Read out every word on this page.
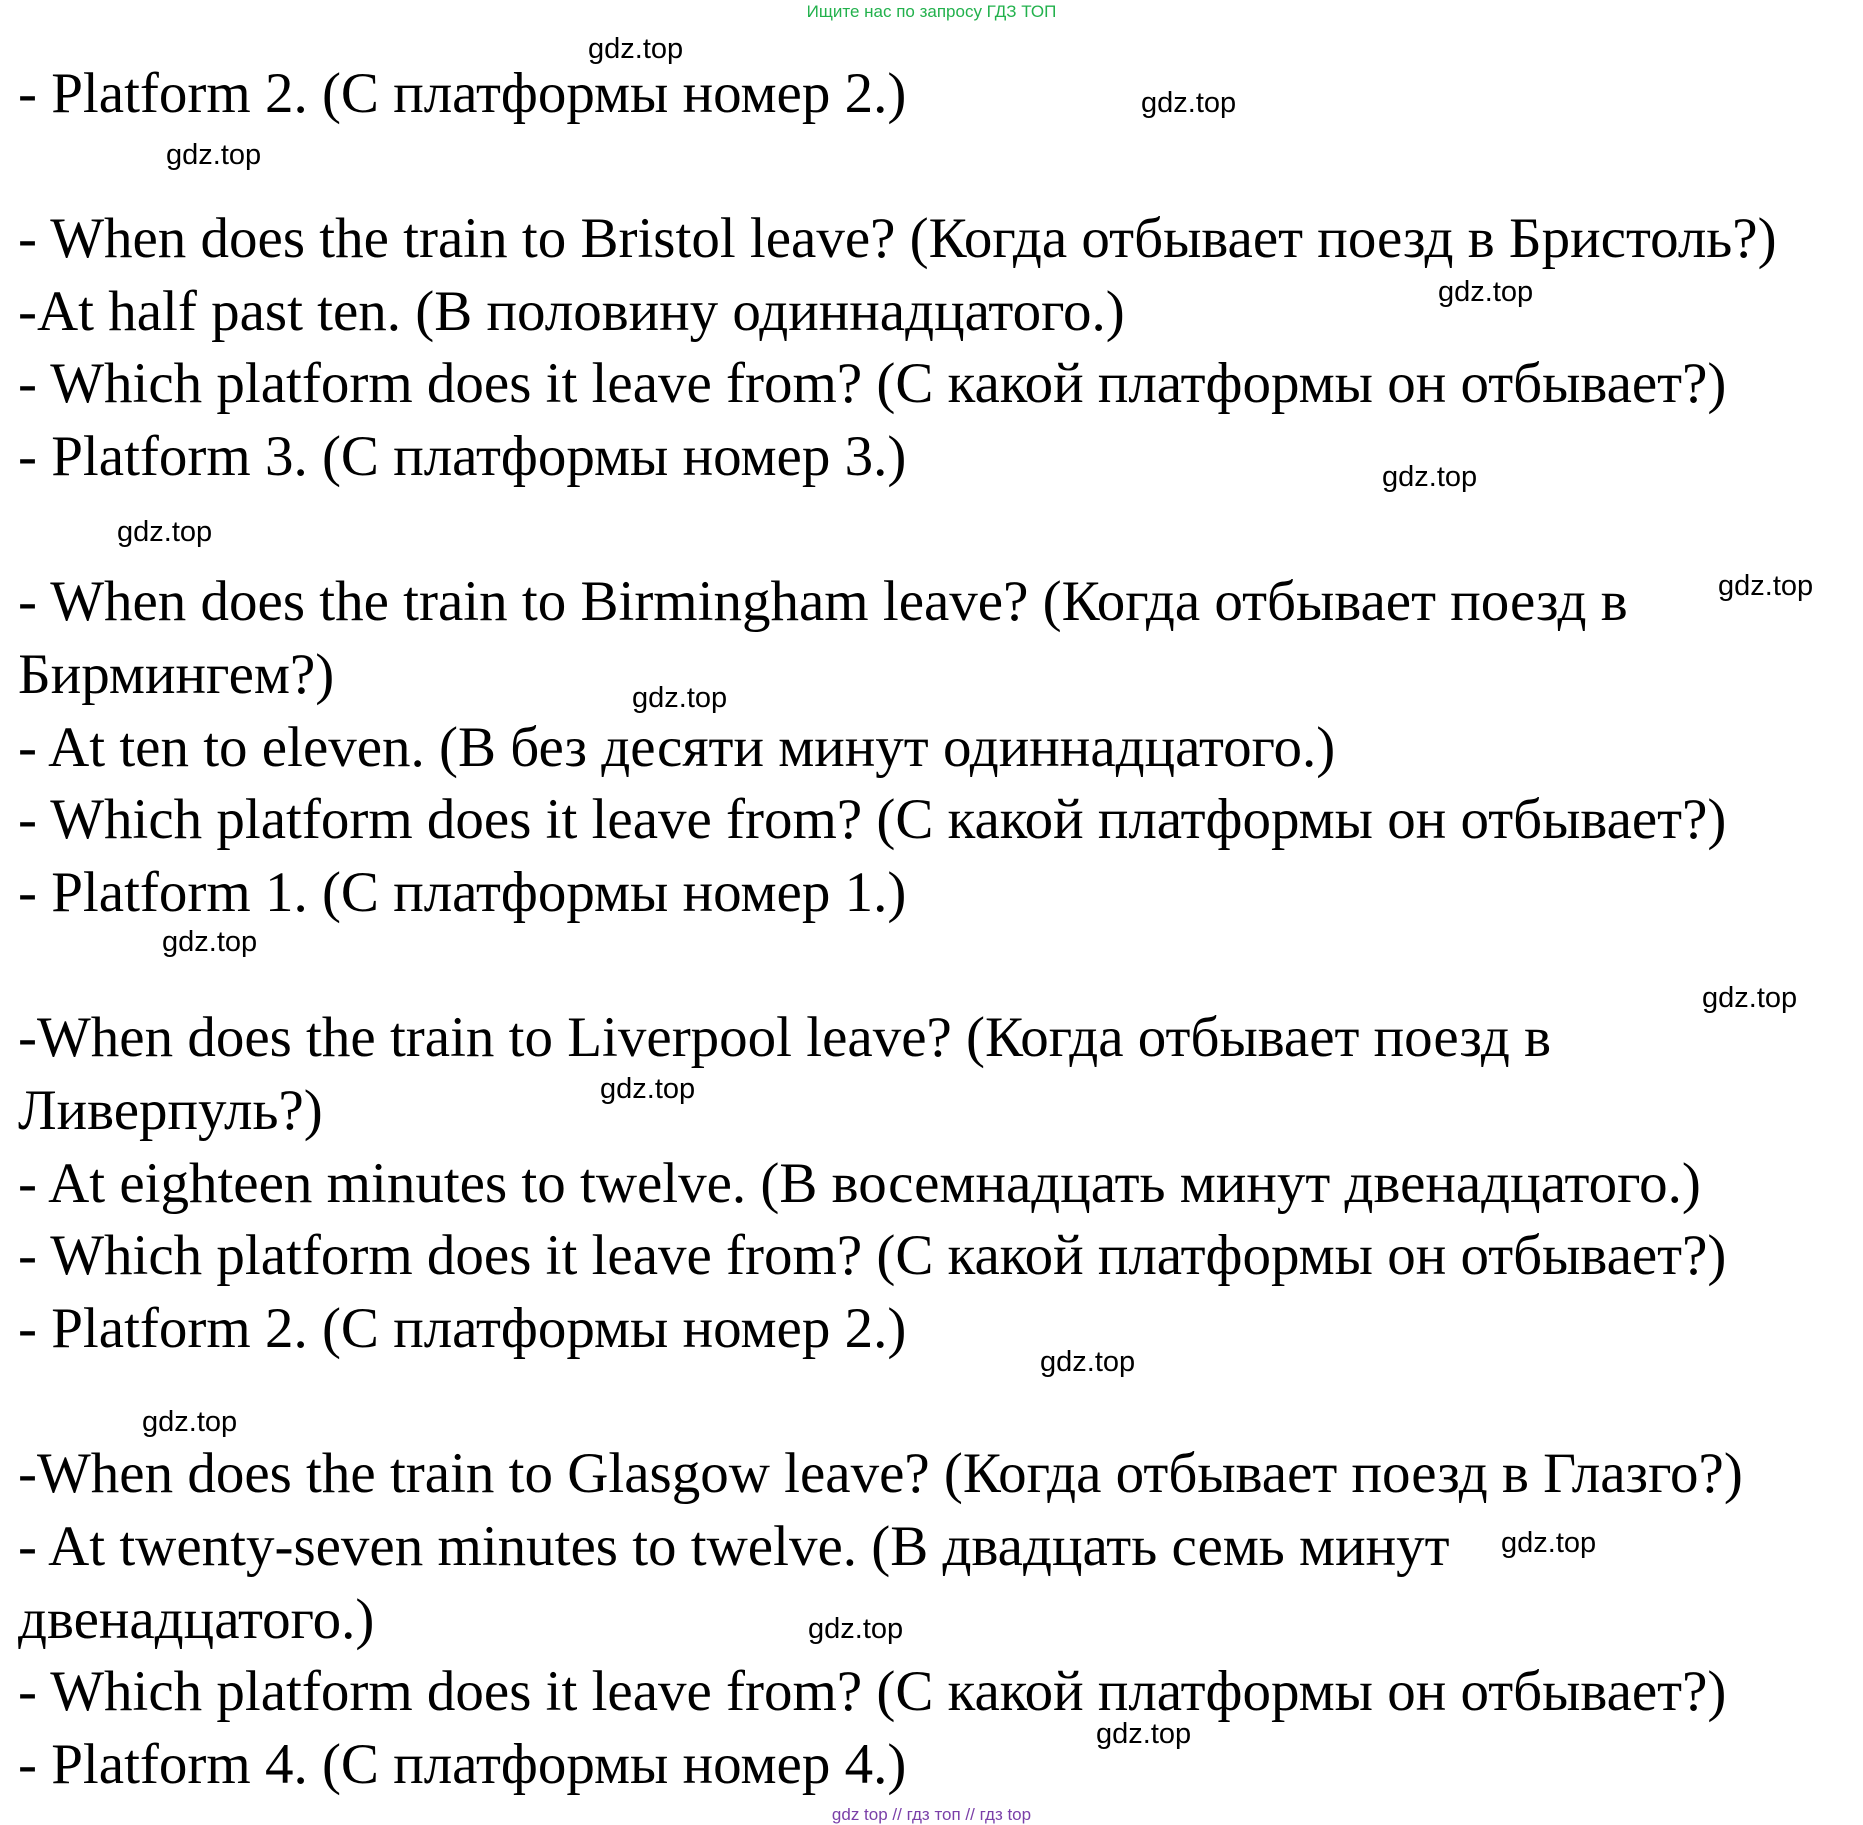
Ищите нас по запросу ГДЗ ТОП

- Platform 2. (С платформы номер 2.)

- When does the train to Bristol leave? (Когда отбывает поезд в Бристоль?)

-At half past ten. (В половину одиннадцатого.)

- Which platform does it leave from? (С какой платформы он отбывает?)

- Platform 3. (С платформы номер 3.)

- When does the train to Birmingham leave? (Когда отбывает поезд в

Бирмингем?)

- At ten to eleven. (В без десяти минут одиннадцатого.)

- Which platform does it leave from? (С какой платформы он отбывает?)

- Platform 1. (С платформы номер 1.)

-When does the train to Liverpool leave? (Когда отбывает поезд в

Ливерпуль?)

- At eighteen minutes to twelve. (В восемнадцать минут двенадцатого.)

- Which platform does it leave from? (С какой платформы он отбывает?)

- Platform 2. (С платформы номер 2.)

-When does the train to Glasgow leave? (Когда отбывает поезд в Глазго?)

- At twenty-seven minutes to twelve. (В двадцать семь минут

двенадцатого.)

- Which platform does it leave from? (С какой платформы он отбывает?)

- Platform 4. (С платформы номер 4.)

gdz.top
gdz.top
gdz.top
gdz.top
gdz.top
gdz.top
gdz.top
gdz.top
gdz.top
gdz.top
gdz.top
gdz.top
gdz.top
gdz.top
gdz.top
gdz.top
gdz top // гдз топ // гдз top
